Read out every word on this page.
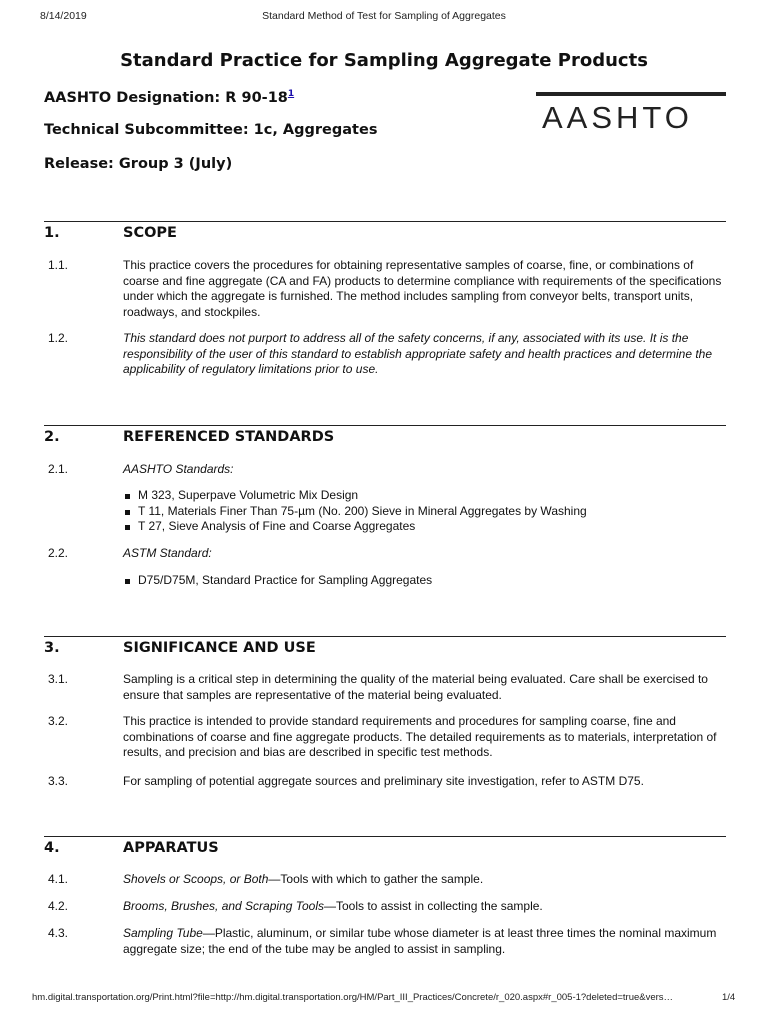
8/14/2019	Standard Method of Test for Sampling of Aggregates
Standard Practice for Sampling Aggregate Products
AASHTO Designation: R 90-18$^1$
Technical Subcommittee: 1c, Aggregates
Release: Group 3 (July)
AASHTO
1.	SCOPE
1.1.	This practice covers the procedures for obtaining representative samples of coarse, fine, or combinations of coarse and fine aggregate (CA and FA) products to determine compliance with requirements of the specifications under which the aggregate is furnished. The method includes sampling from conveyor belts, transport units, roadways, and stockpiles.
1.2.	This standard does not purport to address all of the safety concerns, if any, associated with its use. It is the responsibility of the user of this standard to establish appropriate safety and health practices and determine the applicability of regulatory limitations prior to use.
2.	REFERENCED STANDARDS
2.1.	AASHTO Standards:
M 323, Superpave Volumetric Mix Design
T 11, Materials Finer Than 75-µm (No. 200) Sieve in Mineral Aggregates by Washing
T 27, Sieve Analysis of Fine and Coarse Aggregates
2.2.	ASTM Standard:
D75/D75M, Standard Practice for Sampling Aggregates
3.	SIGNIFICANCE AND USE
3.1.	Sampling is a critical step in determining the quality of the material being evaluated. Care shall be exercised to ensure that samples are representative of the material being evaluated.
3.2.	This practice is intended to provide standard requirements and procedures for sampling coarse, fine and combinations of coarse and fine aggregate products. The detailed requirements as to materials, interpretation of results, and precision and bias are described in specific test methods.
3.3.	For sampling of potential aggregate sources and preliminary site investigation, refer to ASTM D75.
4.	APPARATUS
4.1.	Shovels or Scoops, or Both—Tools with which to gather the sample.
4.2.	Brooms, Brushes, and Scraping Tools—Tools to assist in collecting the sample.
4.3.	Sampling Tube—Plastic, aluminum, or similar tube whose diameter is at least three times the nominal maximum aggregate size; the end of the tube may be angled to assist in sampling.
hm.digital.transportation.org/Print.html?file=http://hm.digital.transportation.org/HM/Part_III_Practices/Concrete/r_020.aspx#r_005-1?deleted=true&vers…	1/4
